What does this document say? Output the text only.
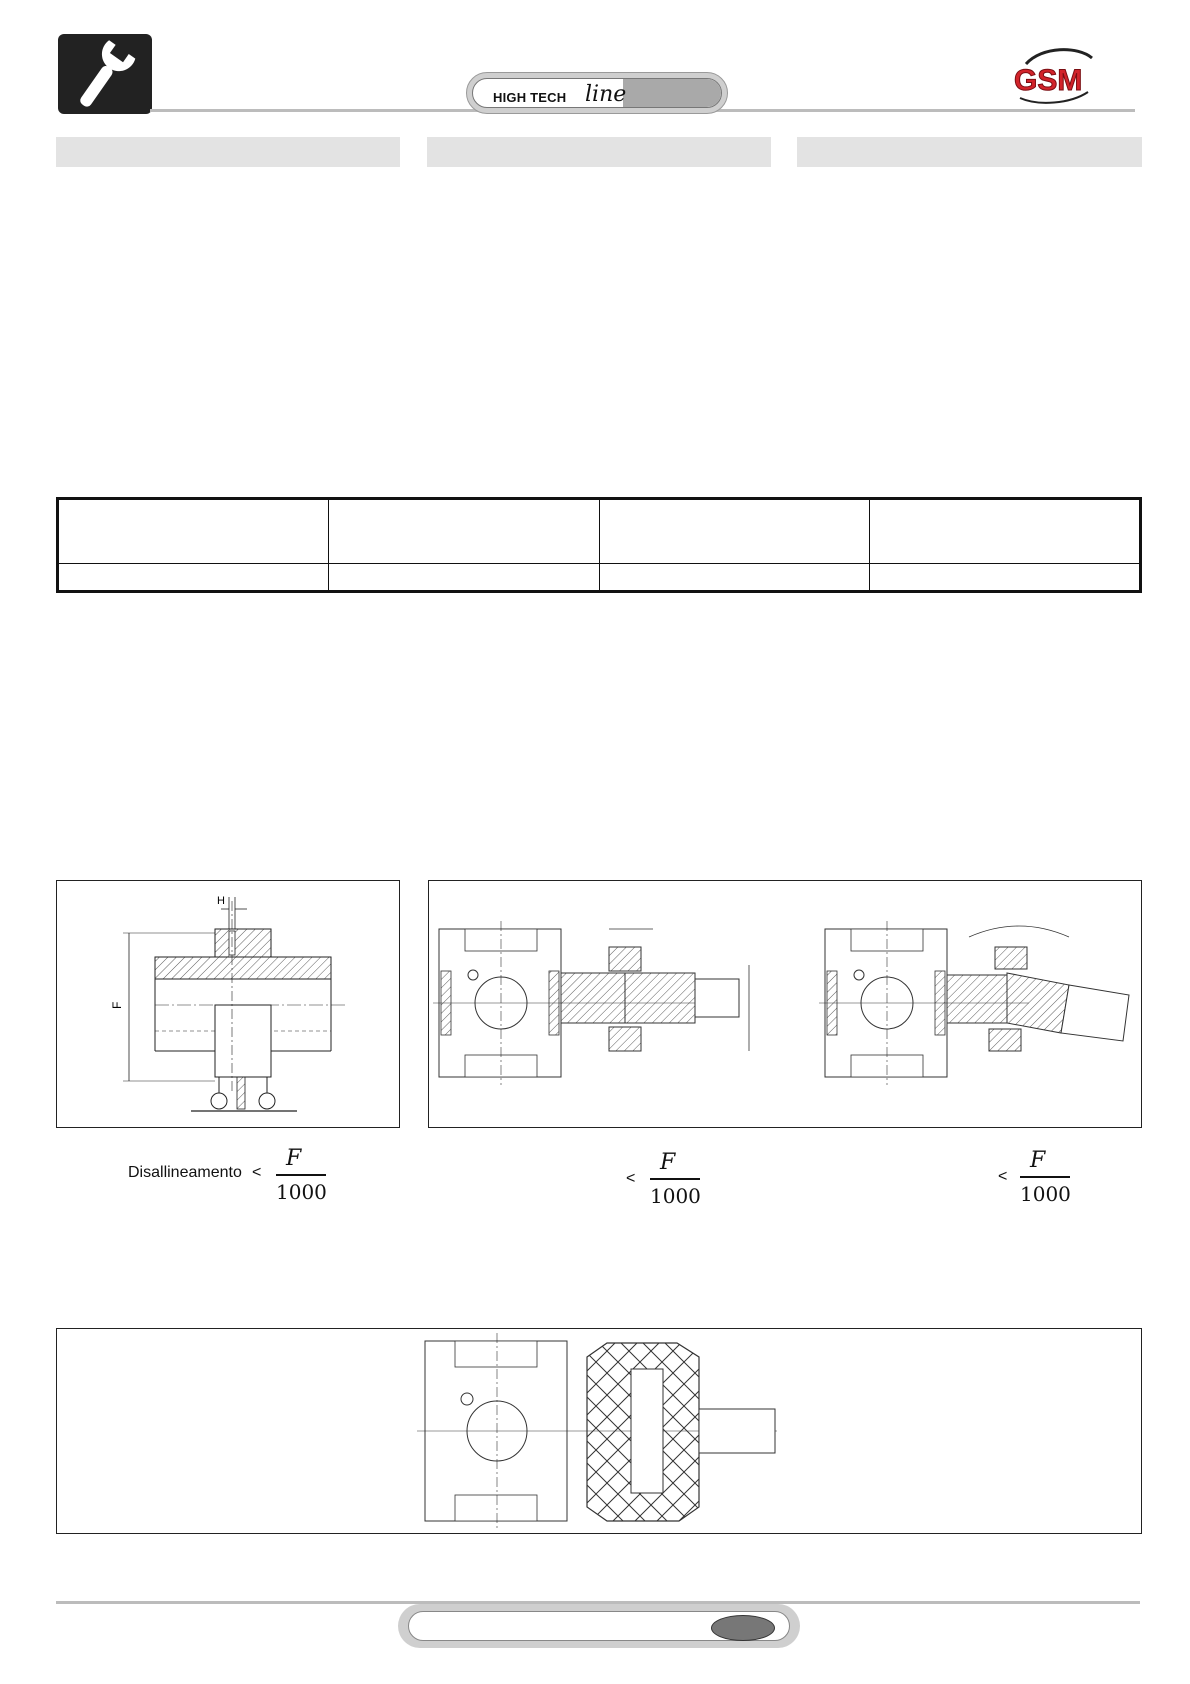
HIGH TECH line	GSM

H
F
Disallineamento <
F
1000
<
F
1000
<
F
1000
